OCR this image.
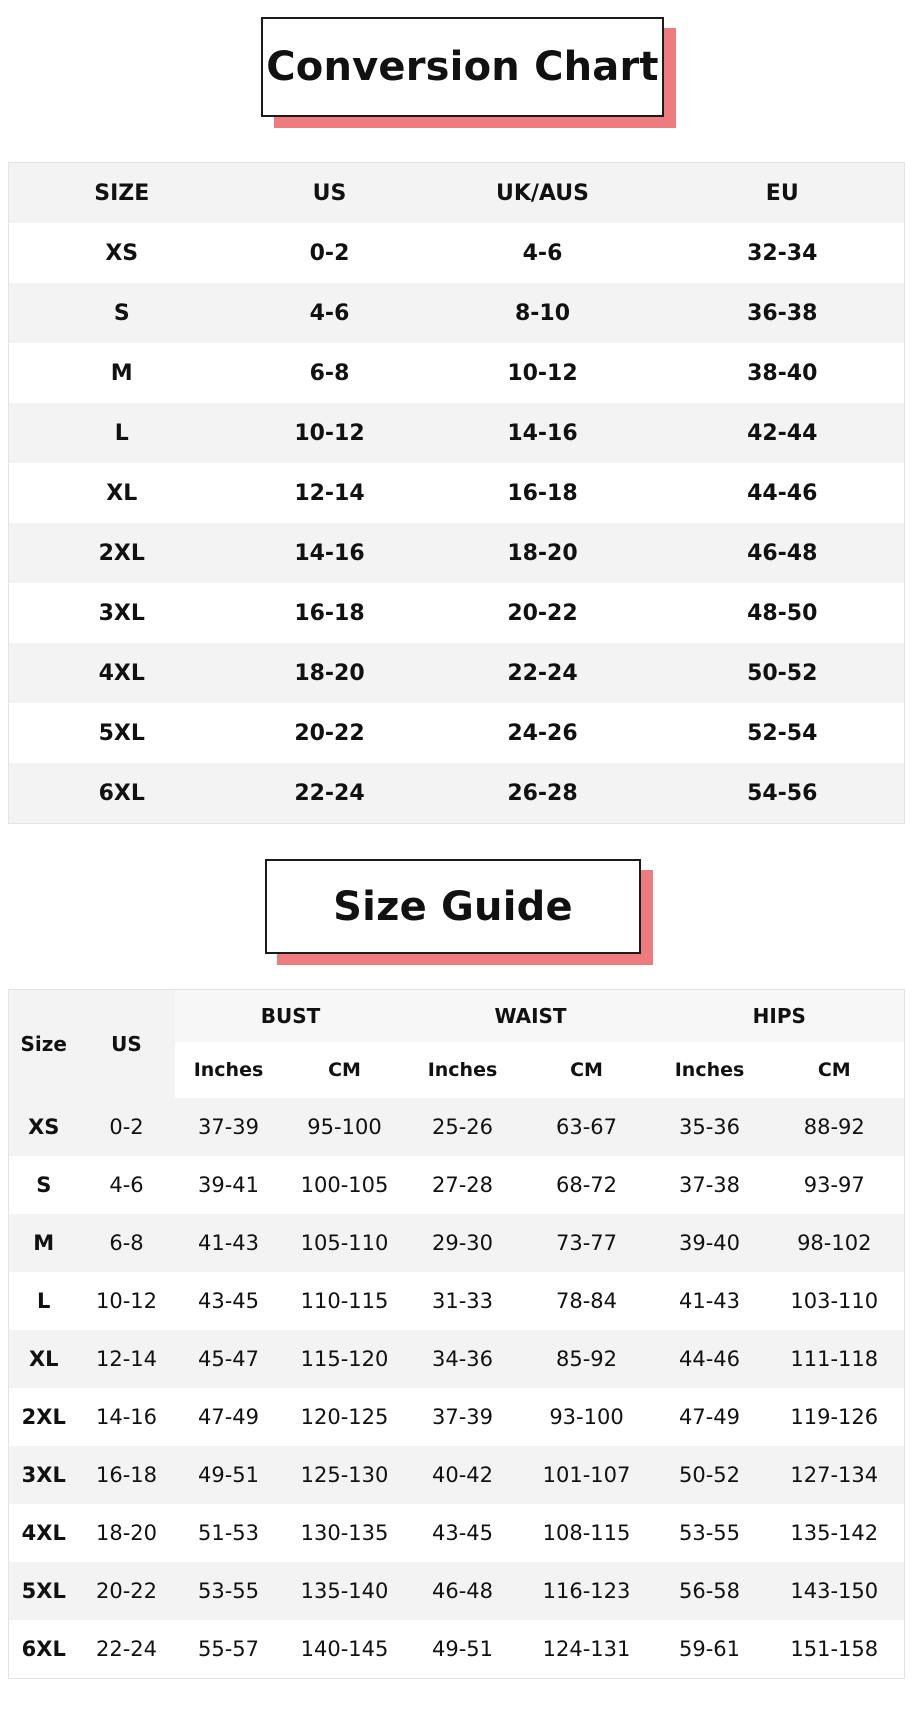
Conversion Chart
SIZE	US	UK/AUS	EU
XS	0-2	4-6	32-34
S	4-6	8-10	36-38
M	6-8	10-12	38-40
L	10-12	14-16	42-44
XL	12-14	16-18	44-46
2XL	14-16	18-20	46-48
3XL	16-18	20-22	48-50
4XL	18-20	22-24	50-52
5XL	20-22	24-26	52-54
6XL	22-24	26-28	54-56
Size Guide
Size	US	BUST		WAIST		HIPS	
		Inches	CM	Inches	CM	Inches	CM
XS	0-2	37-39	95-100	25-26	63-67	35-36	88-92
S	4-6	39-41	100-105	27-28	68-72	37-38	93-97
M	6-8	41-43	105-110	29-30	73-77	39-40	98-102
L	10-12	43-45	110-115	31-33	78-84	41-43	103-110
XL	12-14	45-47	115-120	34-36	85-92	44-46	111-118
2XL	14-16	47-49	120-125	37-39	93-100	47-49	119-126
3XL	16-18	49-51	125-130	40-42	101-107	50-52	127-134
4XL	18-20	51-53	130-135	43-45	108-115	53-55	135-142
5XL	20-22	53-55	135-140	46-48	116-123	56-58	143-150
6XL	22-24	55-57	140-145	49-51	124-131	59-61	151-158
